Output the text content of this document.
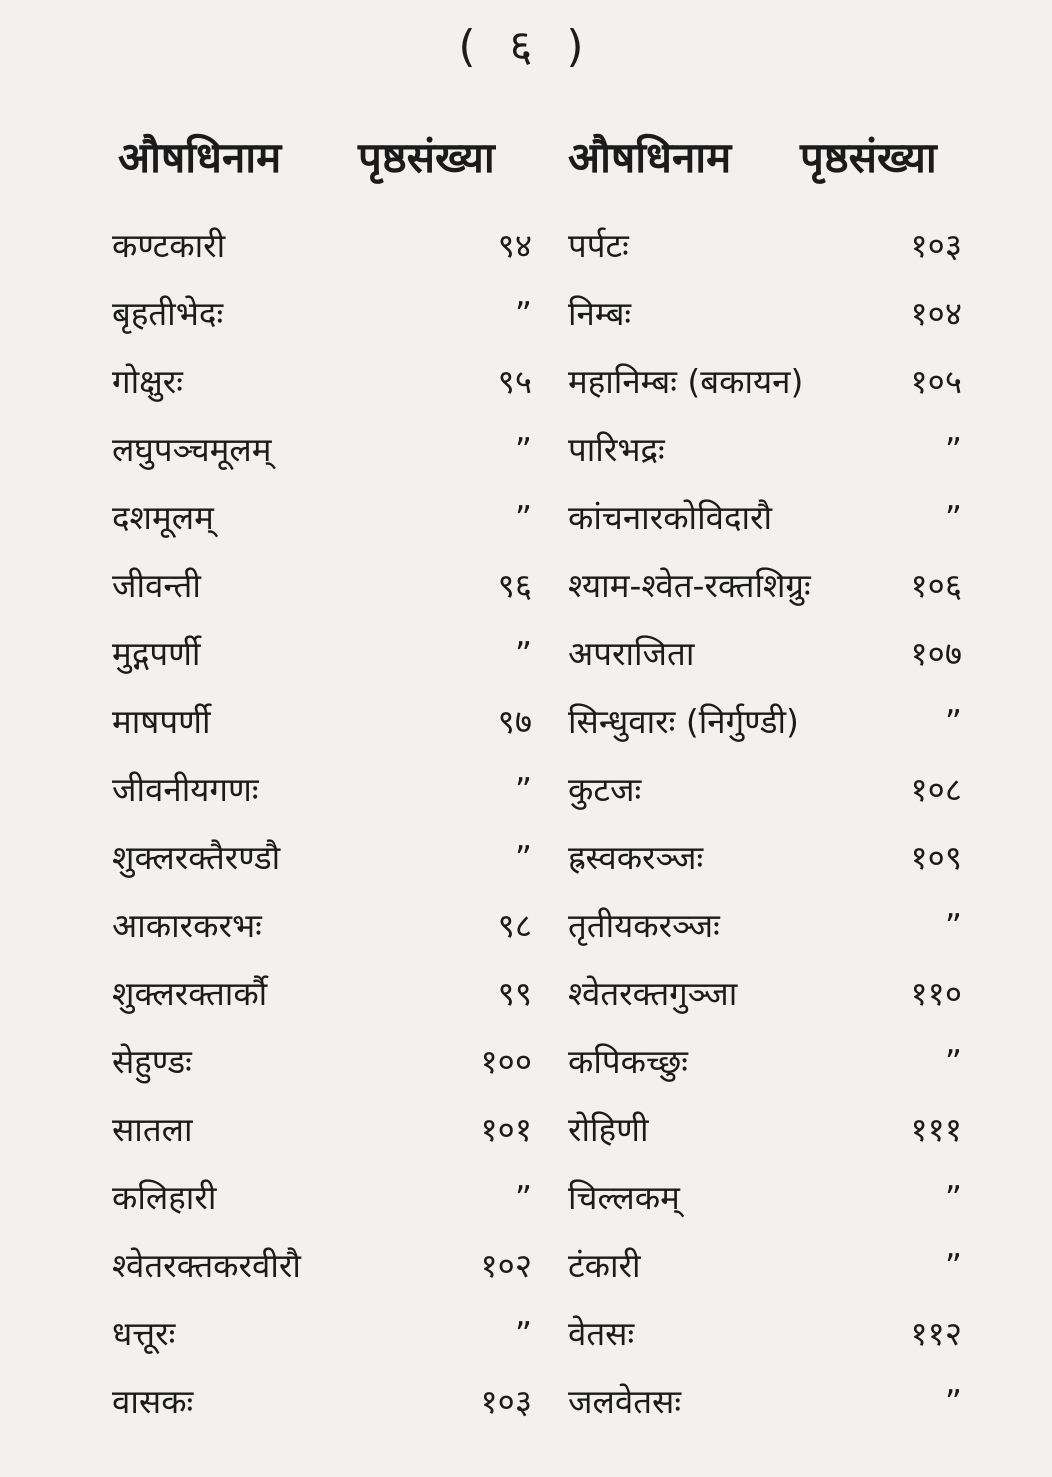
( ६ )
औषधिनाम पृष्ठसंख्या औषधिनाम पृष्ठसंख्या
कण्टकारी	९४
बृहतीभेदः	”
गोक्षुरः	९५
लघुपञ्चमूलम्	”
दशमूलम्	”
जीवन्ती	९६
मुद्गपर्णी	”
माषपर्णी	९७
जीवनीयगणः	”
शुक्लरक्तैरण्डौ	”
आकारकरभः	९८
शुक्लरक्तार्कौ	९९
सेहुण्डः	१००
सातला	१०१
कलिहारी	”
श्वेतरक्तकरवीरौ	१०२
धत्तूरः	”
वासकः	१०३
पर्पटः	१०३
निम्बः	१०४
महानिम्बः (बकायन)	१०५
पारिभद्रः	”
कांचनारकोविदारौ	”
श्याम-श्वेत-रक्तशिग्रुः	१०६
अपराजिता	१०७
सिन्धुवारः (निर्गुण्डी)	”
कुटजः	१०८
ह्रस्वकरञ्जः	१०९
तृतीयकरञ्जः	”
श्वेतरक्तगुञ्जा	११०
कपिकच्छुः	”
रोहिणी	१११
चिल्लकम्	”
टंकारी	”
वेतसः	११२
जलवेतसः	”
